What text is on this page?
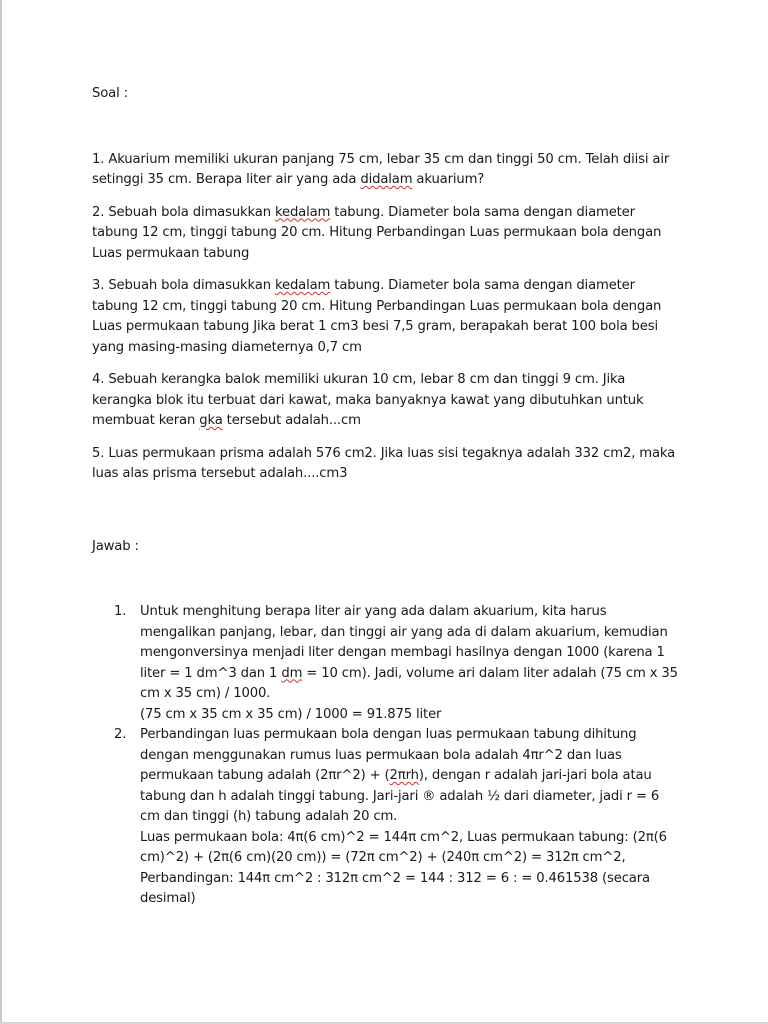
Soal :

1. Akuarium memiliki ukuran panjang 75 cm, lebar 35 cm dan tinggi 50 cm. Telah diisi air setinggi 35 cm. Berapa liter air yang ada didalam akuarium?

2. Sebuah bola dimasukkan kedalam tabung. Diameter bola sama dengan diameter tabung 12 cm, tinggi tabung 20 cm. Hitung Perbandingan Luas permukaan bola dengan Luas permukaan tabung

3. Sebuah bola dimasukkan kedalam tabung. Diameter bola sama dengan diameter tabung 12 cm, tinggi tabung 20 cm. Hitung Perbandingan Luas permukaan bola dengan Luas permukaan tabung Jika berat 1 cm3 besi 7,5 gram, berapakah berat 100 bola besi yang masing-masing diameternya 0,7 cm

4. Sebuah kerangka balok memiliki ukuran 10 cm, lebar 8 cm dan tinggi 9 cm. Jika kerangka blok itu terbuat dari kawat, maka banyaknya kawat yang dibutuhkan untuk membuat keran gka tersebut adalah...cm

5. Luas permukaan prisma adalah 576 cm2. Jika luas sisi tegaknya adalah 332 cm2, maka luas alas prisma tersebut adalah....cm3

Jawab :

1. Untuk menghitung berapa liter air yang ada dalam akuarium, kita harus mengalikan panjang, lebar, dan tinggi air yang ada di dalam akuarium, kemudian mengonversinya menjadi liter dengan membagi hasilnya dengan 1000 (karena 1 liter = 1 dm^3 dan 1 dm = 10 cm). Jadi, volume ari dalam liter adalah (75 cm x 35 cm x 35 cm) / 1000.

(75 cm x 35 cm x 35 cm) / 1000 = 91.875 liter

2. Perbandingan luas permukaan bola dengan luas permukaan tabung dihitung dengan menggunakan rumus luas permukaan bola adalah 4πr^2 dan luas permukaan tabung adalah (2πr^2) + (2πrh), dengan r adalah jari-jari bola atau tabung dan h adalah tinggi tabung. Jari-jari ® adalah ½ dari diameter, jadi r = 6 cm dan tinggi (h) tabung adalah 20 cm.

Luas permukaan bola: 4π(6 cm)^2 = 144π cm^2, Luas permukaan tabung: (2π(6 cm)^2) + (2π(6 cm)(20 cm)) = (72π cm^2) + (240π cm^2) = 312π cm^2, Perbandingan: 144π cm^2 : 312π cm^2 = 144 : 312 = 6 : = 0.461538 (secara desimal)
